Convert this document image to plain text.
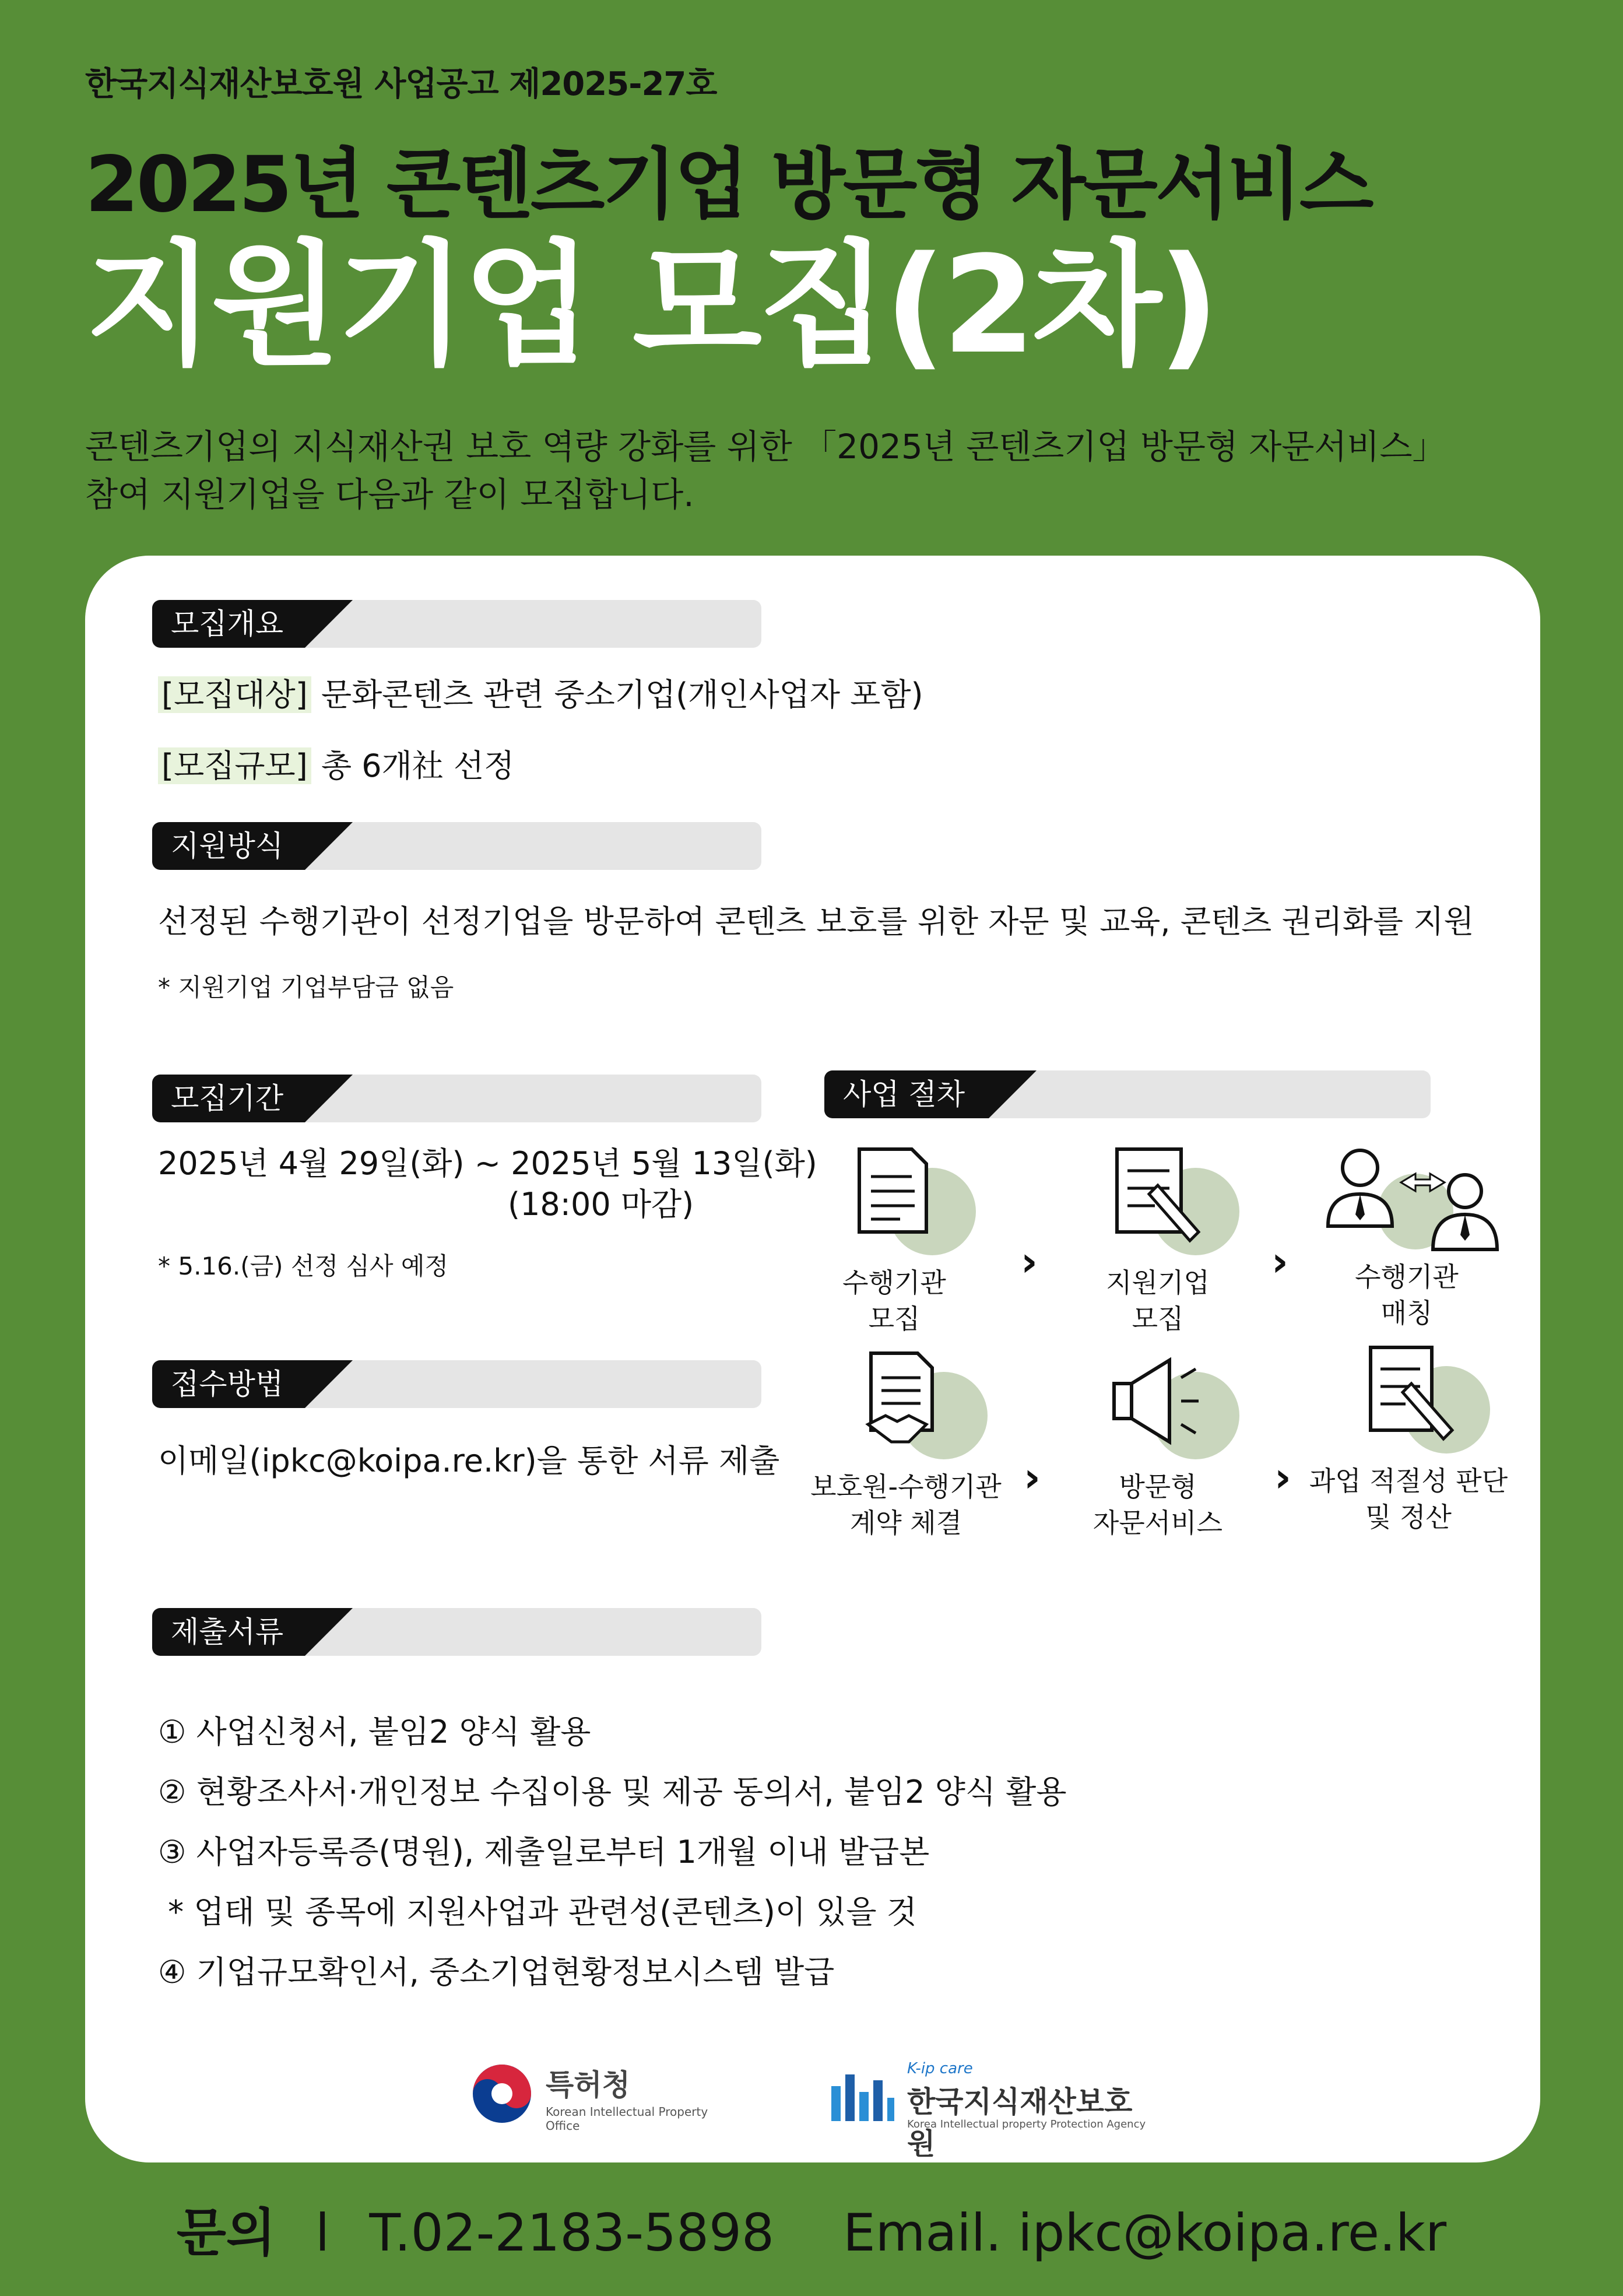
한국지식재산보호원 사업공고 제2025-27호
2025년 콘텐츠기업 방문형 자문서비스
지원기업 모집(2차)
콘텐츠기업의 지식재산권 보호 역량 강화를 위한 「2025년 콘텐츠기업 방문형 자문서비스」
참여 지원기업을 다음과 같이 모집합니다.
모집개요
[모집대상] 문화콘텐츠 관련 중소기업(개인사업자 포함)
[모집규모] 총 6개社 선정
지원방식
선정된 수행기관이 선정기업을 방문하여 콘텐츠 보호를 위한 자문 및 교육, 콘텐츠 권리화를 지원
* 지원기업 기업부담금 없음
모집기간
2025년 4월 29일(화) ~ 2025년 5월 13일(화)
(18:00 마감)
* 5.16.(금) 선정 심사 예정
접수방법
이메일(ipkc@koipa.re.kr)을 통한 서류 제출
사업 절차
수행기관
모집
›	지원기업
모집
›	수행기관
매칭
보호원-수행기관
계약 체결
›	방문형
자문서비스
› 과업 적절성 판단
및 정산
제출서류
① 사업신청서, 붙임2 양식 활용
② 현황조사서·개인정보 수집이용 및 제공 동의서, 붙임2 양식 활용
③ 사업자등록증(명원), 제출일로부터 1개월 이내 발급본
* 업태 및 종목에 지원사업과 관련성(콘텐츠)이 있을 것
④ 기업규모확인서, 중소기업현황정보시스템 발급
특허청
Korean Intellectual Property Office
K-ip care
한국지식재산보호원
Korea Intellectual property Protection Agency
문의 l T.02-2183-5898 Email. ipkc@koipa.re.kr
